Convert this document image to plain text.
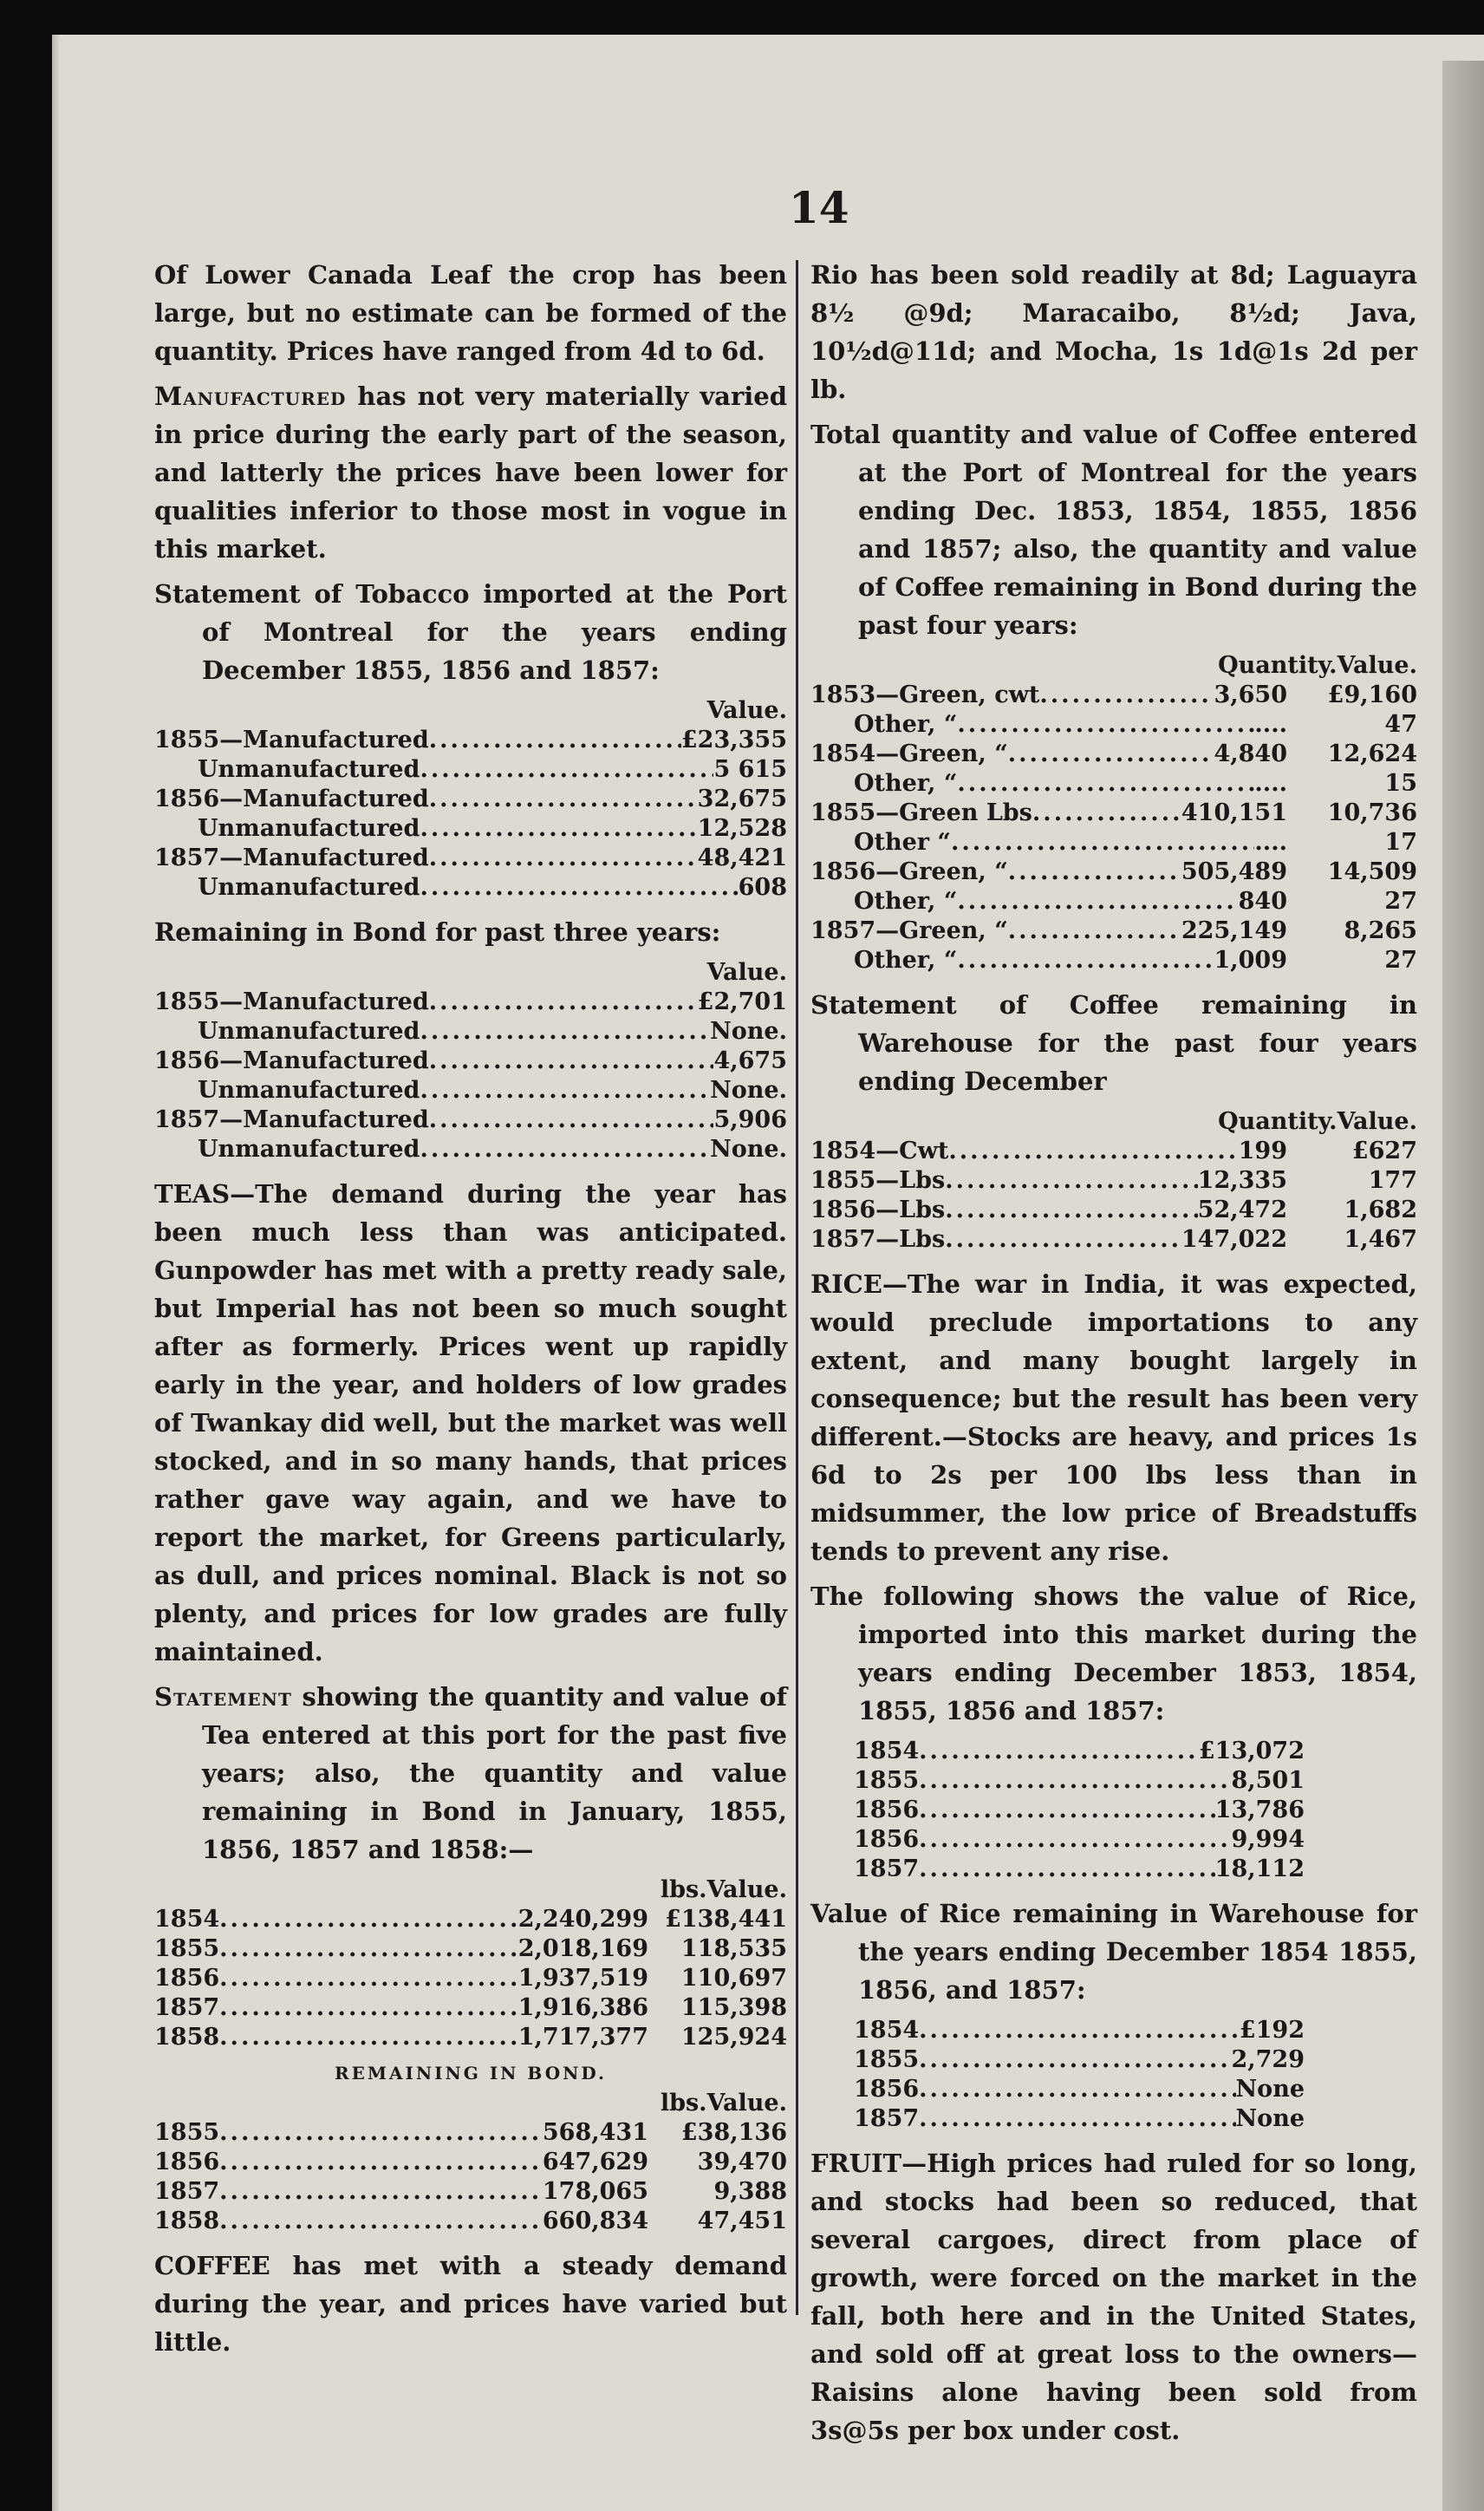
14

Of Lower Canada Leaf the crop has been large, but no estimate can be formed of the quantity. Prices have ranged from 4d to 6d.

Manufactured has not very materially varied in price during the early part of the season, and latterly the prices have been lower for qualities inferior to those most in vogue in this market.

Statement of Tobacco imported at the Port of Montreal for the years ending December 1855, 1856 and 1857:

Value.
1855—Manufactured .....	£23,355
Unmanufactured .....	5 615
1856—Manufactured .....	32,675
Unmanufactured .....	12,528
1857—Manufactured .....	48,421
Unmanufactured .....	608

Remaining in Bond for past three years:

Value.
1855—Manufactured .....	£2,701
Unmanufactured .....	None.
1856—Manufactured .....	4,675
Unmanufactured .....	None.
1857—Manufactured .....	5,906
Unmanufactured .....	None.

TEAS—The demand during the year has been much less than was anticipated. Gunpowder has met with a pretty ready sale, but Imperial has not been so much sought after as formerly. Prices went up rapidly early in the year, and holders of low grades of Twankay did well, but the market was well stocked, and in so many hands, that prices rather gave way again, and we have to report the market, for Greens particularly, as dull, and prices nominal. Black is not so plenty, and prices for low grades are fully maintained.

Statement showing the quantity and value of Tea entered at this port for the past five years; also, the quantity and value remaining in Bond in January, 1855, 1856, 1857 and 1858:—

lbs. Value.
1854 .....	2,240,299 £138,441
1855 .....	2,018,169	118,535
1856 .....	1,937,519	110,697
1857 .....	1,916,386	115,398
1858 .....	1,717,377	125,924
REMAINING IN BOND.
lbs. Value.
1855 .....	568,431	£38,136
1856 .....	647,629	39,470
1857 .....	178,065	9,388
1858 .....	660,834	47,451

COFFEE has met with a steady demand during the year, and prices have varied but little.

Rio has been sold readily at 8d; Laguayra 8½ @9d; Maracaibo, 8½d; Java, 10½d@11d; and Mocha, 1s 1d@1s 2d per lb.

Total quantity and value of Coffee entered at the Port of Montreal for the years ending Dec. 1853, 1854, 1855, 1856 and 1857; also, the quantity and value of Coffee remaining in Bond during the past four years:

Quantity. Value.
1853—Green, cwt .....	3,650	£9,160
Other, “ .....	....	47
1854—Green, “ .....	4,840	12,624
Other, “ .....	....	15
1855—Green Lbs .....	410,151	10,736
Other “ .....	....	17
1856—Green, “ .....	505,489	14,509
Other, “ .....	840	27
1857—Green, “ .....	225,149	8,265
Other, “ .....	1,009	27

Statement of Coffee remaining in Warehouse for the past four years ending December

Quantity. Value.
1854—Cwt .....	199	£627
1855—Lbs .....	12,335	177
1856—Lbs .....	52,472	1,682
1857—Lbs .....	147,022	1,467

RICE—The war in India, it was expected, would preclude importations to any extent, and many bought largely in consequence; but the result has been very different.—Stocks are heavy, and prices 1s 6d to 2s per 100 lbs less than in midsummer, the low price of Breadstuffs tends to prevent any rise.

The following shows the value of Rice, imported into this market during the years ending December 1853, 1854, 1855, 1856 and 1857:

1854 .....	£13,072
1855 .....	8,501
1856 .....	13,786
1856 .....	9,994
1857 .....	18,112

Value of Rice remaining in Warehouse for the years ending December 1854 1855, 1856, and 1857:

1854 .....	£192
1855 .....	2,729
1856 .....	None
1857 .....	None

FRUIT—High prices had ruled for so long, and stocks had been so reduced, that several cargoes, direct from place of growth, were forced on the market in the fall, both here and in the United States, and sold off at great loss to the owners—Raisins alone having been sold from 3s@5s per box under cost.
